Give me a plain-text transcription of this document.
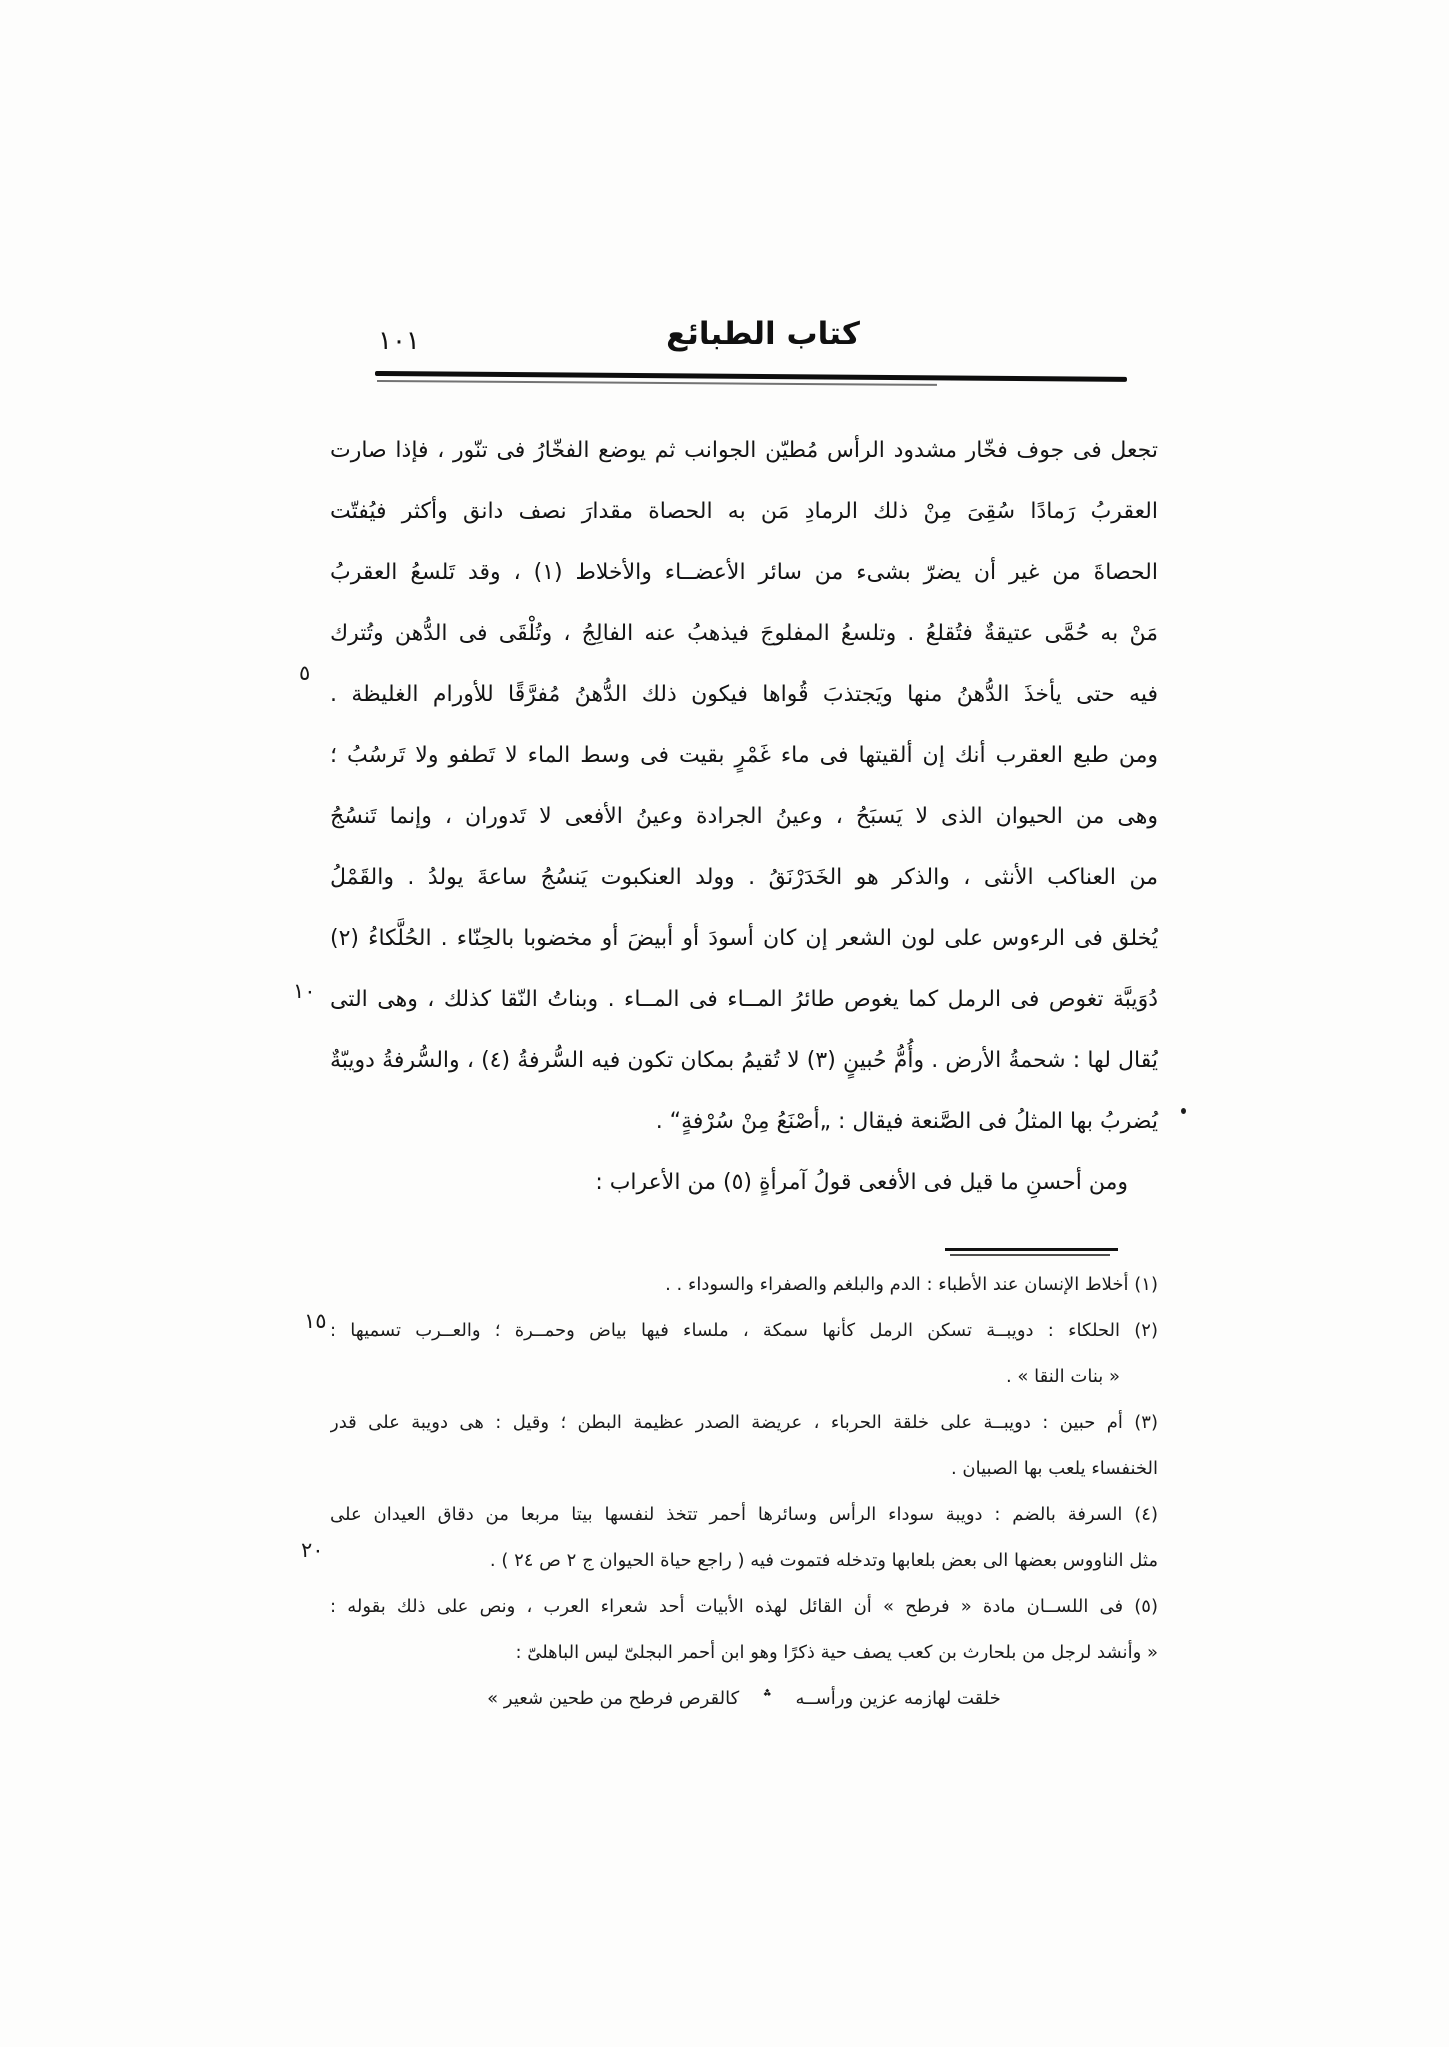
١٠١	كتاب الطبائع
٥
١٠
١٥
٢٠
تجعل فى جوف فخّار مشدود الرأس مُطيّن الجوانب ثم يوضع الفخّارُ فى تنّور ، فإذا صارت
العقربُ رَمادًا سُقِىَ مِنْ ذلك الرمادِ مَن به الحصاة مقدارَ نصف دانق وأكثر فيُفتّت
الحصاةَ من غير أن يضرّ بشىء من سائر الأعضــاء والأخلاط (١) ، وقد تَلسعُ العقربُ
مَنْ به حُمَّى عتيقةٌ فتُقلعُ . وتلسعُ المفلوجَ فيذهبُ عنه الفالِجُ ، وتُلْقَى فى الدُّهن وتُترك
فيه حتى يأخذَ الدُّهنُ منها ويَجتذبَ قُواها فيكون ذلك الدُّهنُ مُفرَّقًا للأورام الغليظة .
ومن طبع العقرب أنك إن ألقيتها فى ماء غَمْرٍ بقيت فى وسط الماء لا تَطفو ولا تَرسُبُ ؛
وهى من الحيوان الذى لا يَسبَحُ ، وعينُ الجرادة وعينُ الأفعى لا تَدوران ، وإنما تَنسُجُ
من العناكب الأنثى ، والذكر هو الخَدَرْنَقُ . وولد العنكبوت يَنسُجُ ساعةَ يولدُ . والقَمْلُ
يُخلق فى الرءوس على لون الشعر إن كان أسودَ أو أبيضَ أو مخضوبا بالحِنّاء . الحُلَّكاءُ (٢)
دُوَيبَّة تغوص فى الرمل كما يغوص طائرُ المــاء فى المــاء . وبناتُ النّقا كذلك ، وهى التى
يُقال لها : شحمةُ الأرض . وأُمُّ حُبينٍ (٣) لا تُقيمُ بمكان تكون فيه السُّرفةُ (٤) ، والسُّرفةُ دويبّةٌ
يُضربُ بها المثلُ فى الصَّنعة فيقال : „أصْنَعُ مِنْ سُرْفةٍ“ .
ومن أحسنِ ما قيل فى الأفعى قولُ آمرأةٍ (٥) من الأعراب :
(١) أخلاط الإنسان عند الأطباء : الدم والبلغم والصفراء والسوداء . .
(٢) الحلكاء : دويبــة تسكن الرمل كأنها سمكة ، ملساء فيها بياض وحمــرة ؛ والعــرب تسميها :
« بنات النقا » .
(٣) أم حبين : دويبــة على خلقة الحرباء ، عريضة الصدر عظيمة البطن ؛ وقيل : هى دويبة على قدر
الخنفساء يلعب بها الصبيان .
(٤) السرفة بالضم : دويبة سوداء الرأس وسائرها أحمر تتخذ لنفسها بيتا مربعا من دقاق العيدان على
مثل الناووس بعضها الى بعض بلعابها وتدخله فتموت فيه ( راجع حياة الحيوان ج ٢ ص ٢٤ ) .
(٥) فى اللســان مادة « فرطح » أن القائل لهذه الأبيات أحد شعراء العرب ، ونص على ذلك بقوله :
« وأنشد لرجل من بلحارث بن كعب يصف حية ذكرًا وهو ابن أحمر البجلىّ ليس الباهلىّ :
خلقت لهازمه عزين ورأســه    ؞    كالقرص فرطح من طحين شعير »
